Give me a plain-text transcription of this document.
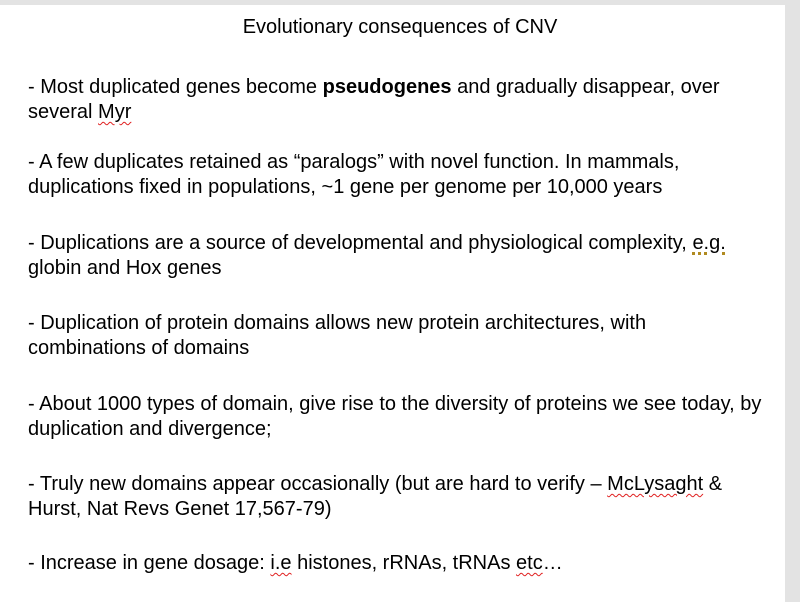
Evolutionary consequences of CNV
- Most duplicated genes become pseudogenes and gradually disappear, over several Myr
- A few duplicates retained as “paralogs” with novel function. In mammals, duplications fixed in populations, ~1 gene per genome per 10,000 years
- Duplications are a source of developmental and physiological complexity, e.g. globin and Hox genes
- Duplication of protein domains allows new protein architectures, with combinations of domains
- About 1000 types of domain, give rise to the diversity of proteins we see today, by duplication and divergence;
- Truly new domains appear occasionally (but are hard to verify – McLysaght & Hurst, Nat Revs Genet 17,567-79)
- Increase in gene dosage: i.e histones, rRNAs, tRNAs etc…
